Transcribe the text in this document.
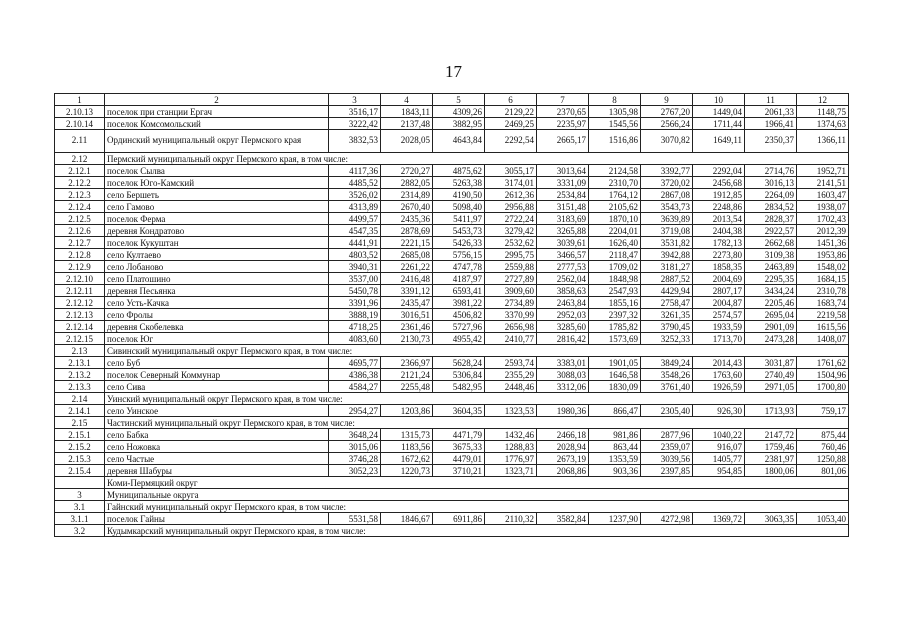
17
1	2	3	4	5	6	7	8	9	10	11	12
2.10.13	поселок при станции Ергач	3516,17	1843,11	4309,26	2129,22	2370,65	1305,98	2767,20	1449,04	2061,33	1148,75
2.10.14	поселок Комсомольский	3222,42	2137,48	3882,95	2469,25	2235,97	1545,56	2566,24	1711,44	1966,41	1374,63
2.11	Ординский муниципальный округ Пермского края	3832,53	2028,05	4643,84	2292,54	2665,17	1516,86	3070,82	1649,11	2350,37	1366,11
2.12	Пермский муниципальный округ Пермского края, в том числе:										
2.12.1	поселок Сылва	4117,36	2720,27	4875,62	3055,17	3013,64	2124,58	3392,77	2292,04	2714,76	1952,71
2.12.2	поселок Юго-Камский	4485,52	2882,05	5263,38	3174,01	3331,09	2310,70	3720,02	2456,68	3016,13	2141,51
2.12.3	село Бершеть	3526,02	2314,89	4190,50	2612,36	2534,84	1764,12	2867,08	1912,85	2264,09	1603,47
2.12.4	село Гамово	4313,89	2670,40	5098,40	2956,88	3151,48	2105,62	3543,73	2248,86	2834,52	1938,07
2.12.5	поселок Ферма	4499,57	2435,36	5411,97	2722,24	3183,69	1870,10	3639,89	2013,54	2828,37	1702,43
2.12.6	деревня Кондратово	4547,35	2878,69	5453,73	3279,42	3265,88	2204,01	3719,08	2404,38	2922,57	2012,39
2.12.7	поселок Кукуштан	4441,91	2221,15	5426,33	2532,62	3039,61	1626,40	3531,82	1782,13	2662,68	1451,36
2.12.8	село Култаево	4803,52	2685,08	5756,15	2995,75	3466,57	2118,47	3942,88	2273,80	3109,38	1953,86
2.12.9	село Лобаново	3940,31	2261,22	4747,78	2559,88	2777,53	1709,02	3181,27	1858,35	2463,89	1548,02
2.12.10	село Платошино	3537,00	2416,48	4187,97	2727,89	2562,04	1848,98	2887,52	2004,69	2295,35	1684,15
2.12.11	деревня Песьянка	5450,78	3391,12	6593,41	3909,60	3858,63	2547,93	4429,94	2807,17	3434,24	2310,78
2.12.12	село Усть-Качка	3391,96	2435,47	3981,22	2734,89	2463,84	1855,16	2758,47	2004,87	2205,46	1683,74
2.12.13	село Фролы	3888,19	3016,51	4506,82	3370,99	2952,03	2397,32	3261,35	2574,57	2695,04	2219,58
2.12.14	деревня Скобелевка	4718,25	2361,46	5727,96	2656,98	3285,60	1785,82	3790,45	1933,59	2901,09	1615,56
2.12.15	поселок Юг	4083,60	2130,73	4955,42	2410,77	2816,42	1573,69	3252,33	1713,70	2473,28	1408,07
2.13	Сивинский муниципальный округ Пермского края, в том числе:										
2.13.1	село Буб	4695,77	2366,97	5628,24	2593,74	3383,01	1901,05	3849,24	2014,43	3031,87	1761,62
2.13.2	поселок Северный Коммунар	4386,38	2121,24	5306,84	2355,29	3088,03	1646,58	3548,26	1763,60	2740,49	1504,96
2.13.3	село Сива	4584,27	2255,48	5482,95	2448,46	3312,06	1830,09	3761,40	1926,59	2971,05	1700,80
2.14	Уинский муниципальный округ Пермского края, в том числе:										
2.14.1	село Уинское	2954,27	1203,86	3604,35	1323,53	1980,36	866,47	2305,40	926,30	1713,93	759,17
2.15	Частинский муниципальный округ Пермского края, в том числе:										
2.15.1	село Бабка	3648,24	1315,73	4471,79	1432,46	2466,18	981,86	2877,96	1040,22	2147,72	875,44
2.15.2	село Ножовка	3015,06	1183,56	3675,33	1288,83	2028,94	863,44	2359,07	916,07	1759,46	760,46
2.15.3	село Частые	3746,28	1672,62	4479,01	1776,97	2673,19	1353,59	3039,56	1405,77	2381,97	1250,88
2.15.4	деревня Шабуры	3052,23	1220,73	3710,21	1323,71	2068,86	903,36	2397,85	954,85	1800,06	801,06
	Коми-Пермяцкий округ										
3	Муниципальные округа										
3.1	Гайнский муниципальный округ Пермского края, в том числе:										
3.1.1	поселок Гайны	5531,58	1846,67	6911,86	2110,32	3582,84	1237,90	4272,98	1369,72	3063,35	1053,40
3.2	Кудымкарский муниципальный округ Пермского края, в том числе:										
